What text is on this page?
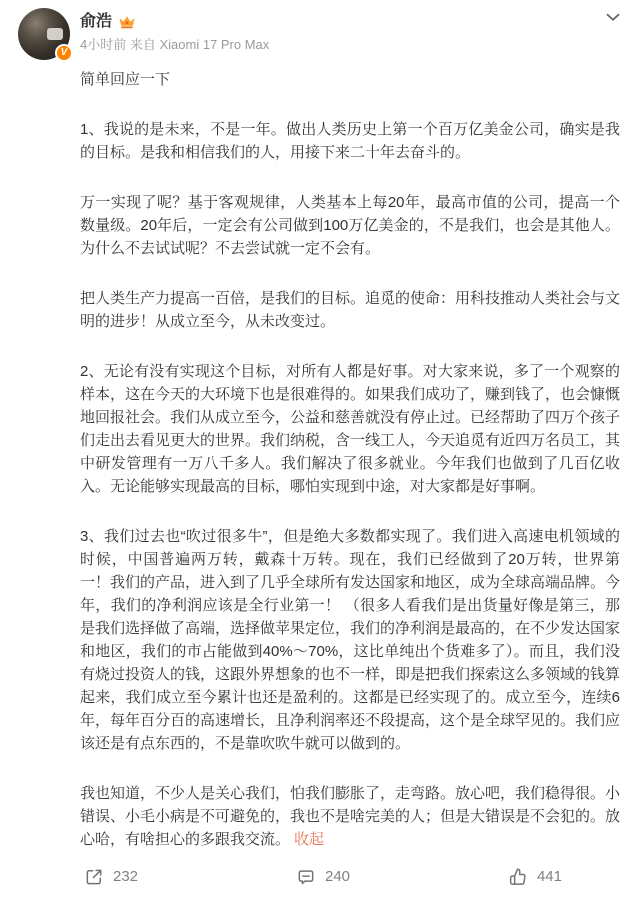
V
俞浩
4小时前 来自 Xiaomi 17 Pro Max

简单回应一下

1、我说的是未来，不是一年。做出人类历史上第一个百万亿美金公司，确实是我的目标。是我和相信我们的人，用接下来二十年去奋斗的。

万一实现了呢？基于客观规律，人类基本上每20年，最高市值的公司，提高一个数量级。20年后，一定会有公司做到100万亿美金的，不是我们，也会是其他人。为什么不去试试呢？不去尝试就一定不会有。

把人类生产力提高一百倍，是我们的目标。追觅的使命：用科技推动人类社会与文明的进步！从成立至今，从未改变过。

2、无论有没有实现这个目标，对所有人都是好事。对大家来说，多了一个观察的样本，这在今天的大环境下也是很难得的。如果我们成功了，赚到钱了，也会慷慨地回报社会。我们从成立至今，公益和慈善就没有停止过。已经帮助了四万个孩子们走出去看见更大的世界。我们纳税，含一线工人，今天追觅有近四万名员工，其中研发管理有一万八千多人。我们解决了很多就业。今年我们也做到了几百亿收入。无论能够实现最高的目标，哪怕实现到中途，对大家都是好事啊。

3、我们过去也“吹过很多牛”，但是绝大多数都实现了。我们进入高速电机领域的时候，中国普遍两万转，戴森十万转。现在，我们已经做到了20万转，世界第一！我们的产品，进入到了几乎全球所有发达国家和地区，成为全球高端品牌。今年，我们的净利润应该是全行业第一！ （很多人看我们是出货量好像是第三，那是我们选择做了高端，选择做苹果定位，我们的净利润是最高的，在不少发达国家和地区，我们的市占能做到40%～70%，这比单纯出个货难多了）。而且，我们没有烧过投资人的钱，这跟外界想象的也不一样，即是把我们探索这么多领域的钱算起来，我们成立至今累计也还是盈利的。这都是已经实现了的。成立至今，连续6年，每年百分百的高速增长，且净利润率还不段提高，这个是全球罕见的。我们应该还是有点东西的，不是靠吹吹牛就可以做到的。

我也知道，不少人是关心我们，怕我们膨胀了，走弯路。放心吧，我们稳得很。小错误、小毛小病是不可避免的，我也不是啥完美的人；但是大错误是不会犯的。放心哈，有啥担心的多跟我交流。 收起

232	240	441
